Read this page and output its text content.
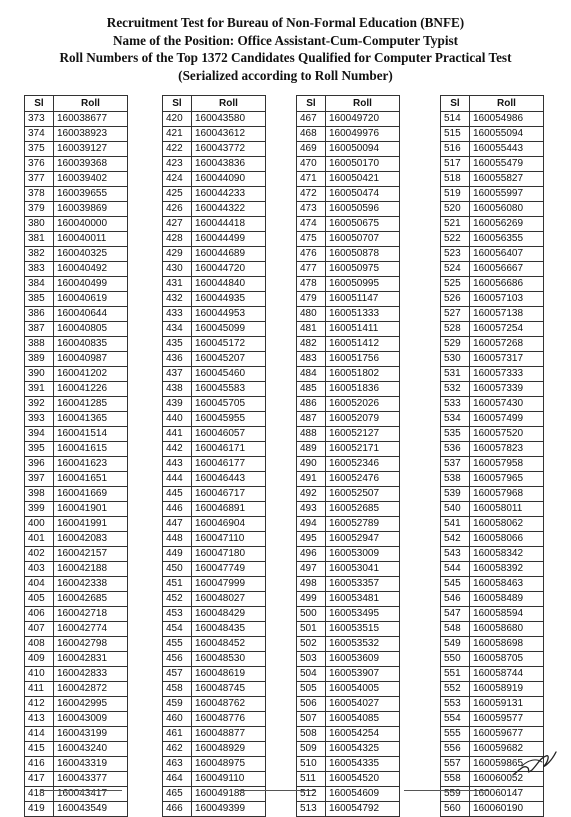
Recruitment Test for Bureau of Non-Formal Education (BNFE)
Name of the Position: Office Assistant-Cum-Computer Typist
Roll Numbers of the Top 1372 Candidates Qualified for Computer Practical Test
(Serialized according to Roll Number)
Sl	Roll
373	160038677
374	160038923
375	160039127
376	160039368
377	160039402
378	160039655
379	160039869
380	160040000
381	160040011
382	160040325
383	160040492
384	160040499
385	160040619
386	160040644
387	160040805
388	160040835
389	160040987
390	160041202
391	160041226
392	160041285
393	160041365
394	160041514
395	160041615
396	160041623
397	160041651
398	160041669
399	160041901
400	160041991
401	160042083
402	160042157
403	160042188
404	160042338
405	160042685
406	160042718
407	160042774
408	160042798
409	160042831
410	160042833
411	160042872
412	160042995
413	160043009
414	160043199
415	160043240
416	160043319
417	160043377
418	160043417
419	160043549
Sl	Roll
420	160043580
421	160043612
422	160043772
423	160043836
424	160044090
425	160044233
426	160044322
427	160044418
428	160044499
429	160044689
430	160044720
431	160044840
432	160044935
433	160044953
434	160045099
435	160045172
436	160045207
437	160045460
438	160045583
439	160045705
440	160045955
441	160046057
442	160046171
443	160046177
444	160046443
445	160046717
446	160046891
447	160046904
448	160047110
449	160047180
450	160047749
451	160047999
452	160048027
453	160048429
454	160048435
455	160048452
456	160048530
457	160048619
458	160048745
459	160048762
460	160048776
461	160048877
462	160048929
463	160048975
464	160049110
465	160049188
466	160049399
Sl	Roll
467	160049720
468	160049976
469	160050094
470	160050170
471	160050421
472	160050474
473	160050596
474	160050675
475	160050707
476	160050878
477	160050975
478	160050995
479	160051147
480	160051333
481	160051411
482	160051412
483	160051756
484	160051802
485	160051836
486	160052026
487	160052079
488	160052127
489	160052171
490	160052346
491	160052476
492	160052507
493	160052685
494	160052789
495	160052947
496	160053009
497	160053041
498	160053357
499	160053481
500	160053495
501	160053515
502	160053532
503	160053609
504	160053907
505	160054005
506	160054027
507	160054085
508	160054254
509	160054325
510	160054335
511	160054520
512	160054609
513	160054792
Sl	Roll
514	160054986
515	160055094
516	160055443
517	160055479
518	160055827
519	160055997
520	160056080
521	160056269
522	160056355
523	160056407
524	160056667
525	160056686
526	160057103
527	160057138
528	160057254
529	160057268
530	160057317
531	160057333
532	160057339
533	160057430
534	160057499
535	160057520
536	160057823
537	160057958
538	160057965
539	160057968
540	160058011
541	160058062
542	160058066
543	160058342
544	160058392
545	160058463
546	160058489
547	160058594
548	160058680
549	160058698
550	160058705
551	160058744
552	160058919
553	160059131
554	160059577
555	160059677
556	160059682
557	160059865
558	160060052
559	160060147
560	160060190
